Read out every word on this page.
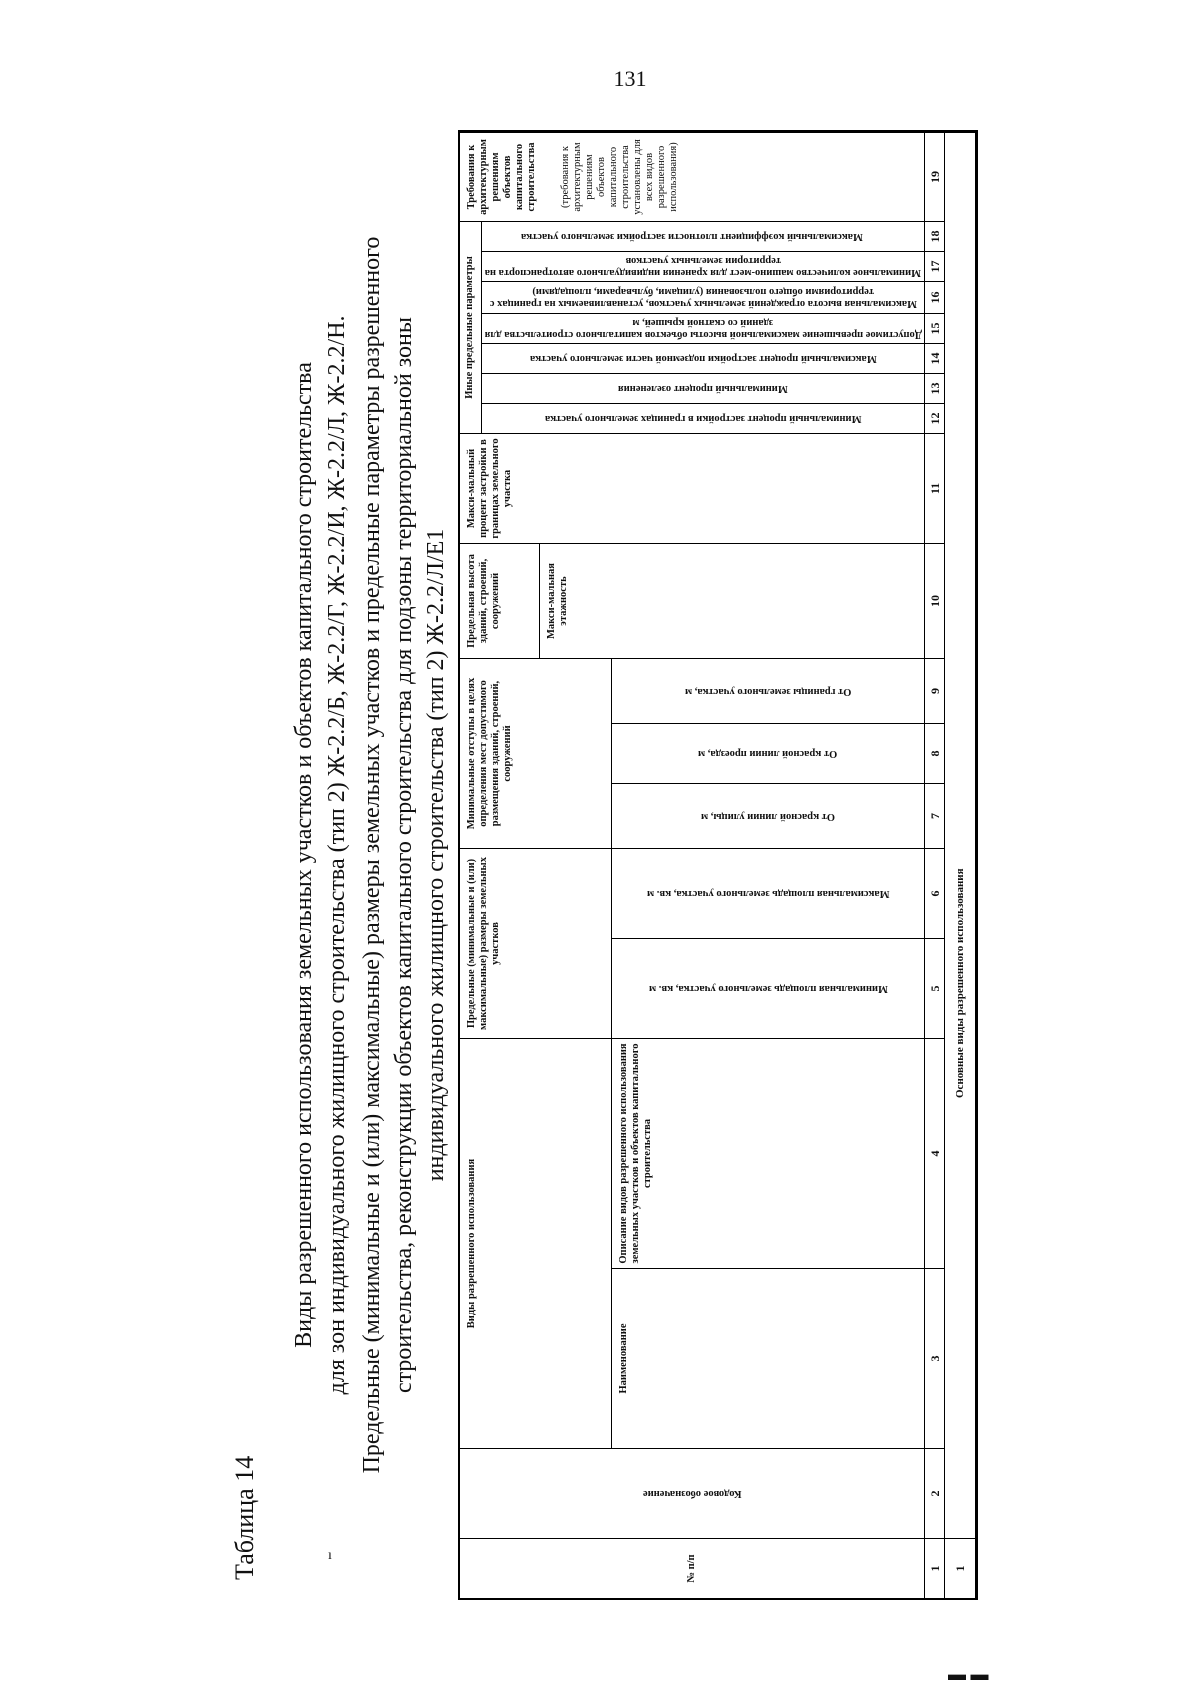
131
Таблица 14
Виды разрешенного использования земельных участков и объектов капитального строительства для зон индивидуального жилищного строительства (тип 2) Ж-2.2/Б, Ж-2.2/Г, Ж-2.2/И, Ж-2.2/Л, Ж-2.2/Н. Предельные (минимальные и (или) максимальные) размеры земельных участков и предельные параметры разрешенного строительства, реконструкции объектов капитального строительства для подзоны территориальной зоны индивидуального жилищного строительства (тип 2) Ж-2.2/Л/Е1
№ п/п
Кодовое обозначение
Виды разрешенного использования
Наименование
Описание видов разрешенного использования земельных участков и объектов капитального строительства
Предельные (минимальные и (или) максимальные) размеры земельных участков
Минимальная площадь земельного участка, кв. м
Максимальная площадь земельного участка, кв. м
Минимальные отступы в целях определения мест допустимого размещения зданий, строений, сооружений
От красной линии улицы, м
От красной линии проезда, м
От границы земельного участка, м
Предельная высота зданий, строений, сооружений	Макси-мальная этажность
Макси-мальный процент застройки в границах земельного участка
Иные предельные параметры
Минимальный процент застройки в границах земельного участка
Минимальный процент озеленения
Максимальный процент застройки подземной части земельного участка
Допустимое превышение максимальной высоты объектов капитального строительства для зданий со скатной крышей, м
Максимальная высота ограждений земельных участков, устанавливаемых на границах с территориями общего пользования (улицами, бульварами, площадями)
Минимальное количество машино-мест для хранения индивидуального автотранспорта на территории земельных участков
Максимальный коэффициент плотности застройки земельного участка
Требования к архитектурным решениям объектов капитального строительства (требования к архитектурным решениям объектов капитального строительства установлены для всех видов разрешенного использования)
1
2
3
4
5
6
7
8
9
10
11
12
13
14
15
16
17
18
19
1
Основные виды разрешенного использования
▬ ▬
ı
